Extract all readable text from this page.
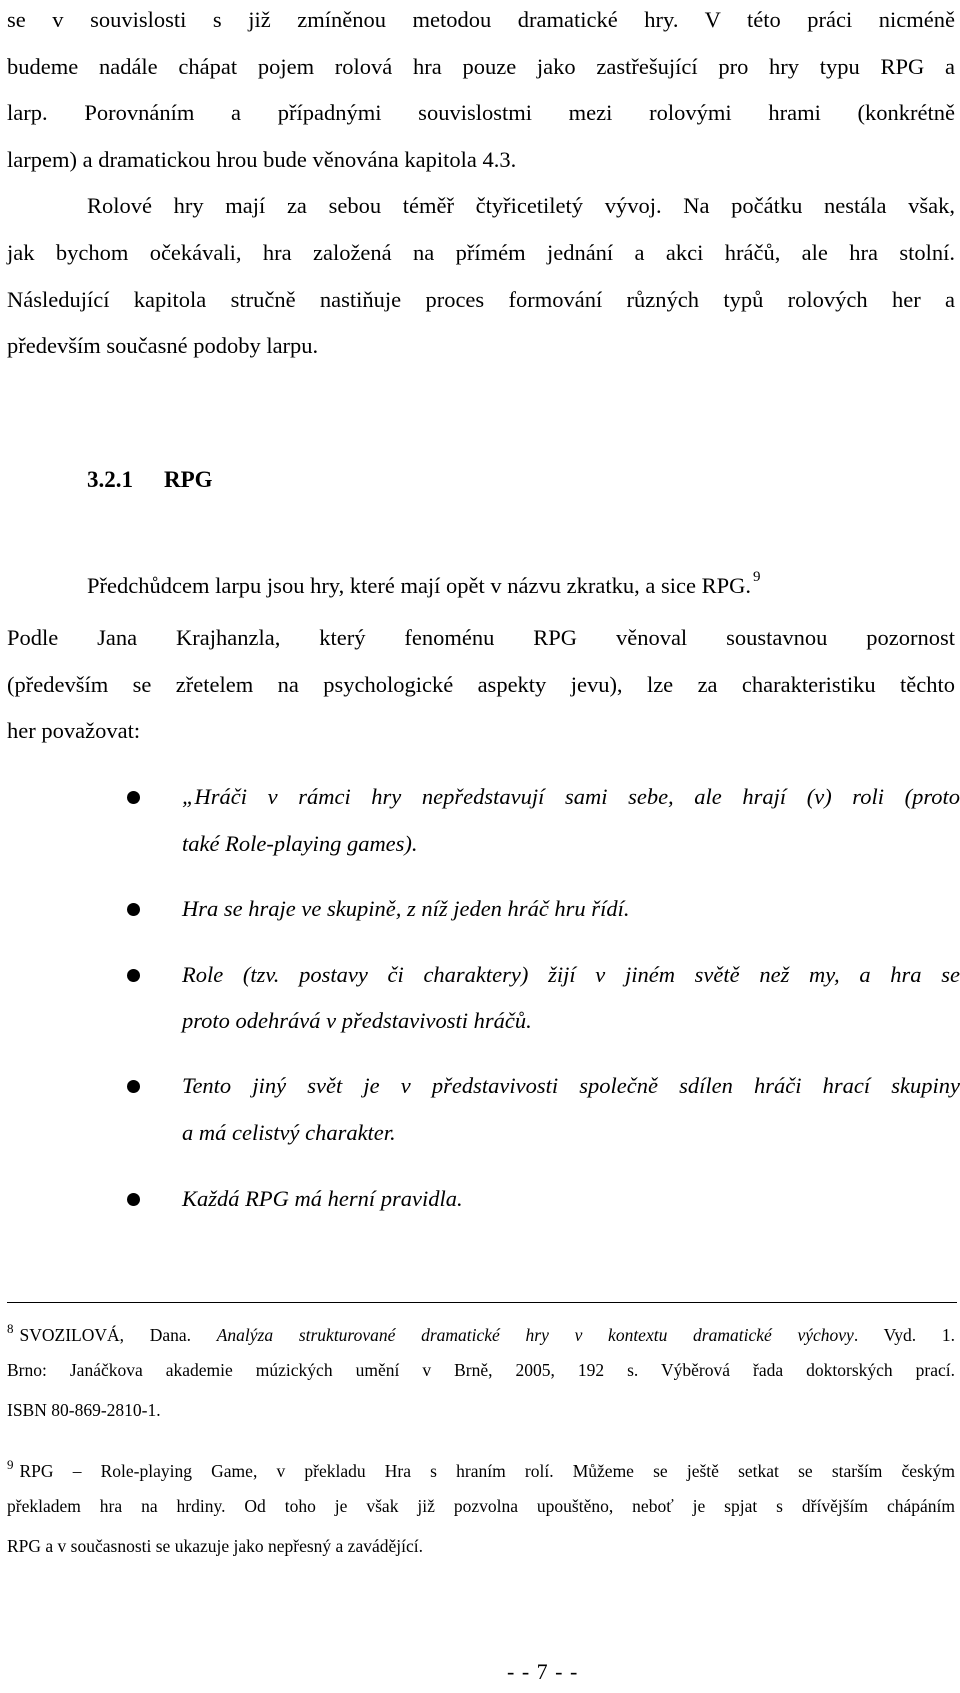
se v souvislosti s již zmíněnou metodou dramatické hry. V této práci nicméně
budeme nadále chápat pojem rolová hra pouze jako zastřešující pro hry typu RPG a
larp. Porovnáním a případnými souvislostmi mezi rolovými hrami (konkrétně
larpem) a dramatickou hrou bude věnována kapitola 4.3.
Rolové hry mají za sebou téměř čtyřicetiletý vývoj. Na počátku nestála však,
jak bychom očekávali, hra založená na přímém jednání a akci hráčů, ale hra stolní.
Následující kapitola stručně nastiňuje proces formování různých typů rolových her a
především současné podoby larpu.
3.2.1 RPG
Předchůdcem larpu jsou hry, které mají opět v názvu zkratku, a sice RPG. $^9$
Podle Jana Krajhanzla, který fenoménu RPG věnoval soustavnou pozornost
(především se zřetelem na psychologické aspekty jevu), lze za charakteristiku těchto
her považovat:
„Hráči v rámci hry nepředstavují sami sebe, ale hrají (v) roli (proto
také Role-playing games).
Hra se hraje ve skupině, z níž jeden hráč hru řídí.
Role (tzv. postavy či charaktery) žijí v jiném světě než my, a hra se
proto odehrává v představivosti hráčů.
Tento jiný svět je v představivosti společně sdílen hráči hrací skupiny
a má celistvý charakter.
Každá RPG má herní pravidla.
$^8$ SVOZILOVÁ, Dana. Analýza strukturované dramatické hry v kontextu dramatické výchovy. Vyd. 1.
Brno: Janáčkova akademie múzických umění v Brně, 2005, 192 s. Výběrová řada doktorských prací.
ISBN 80-869-2810-1.
$^9$ RPG – Role-playing Game, v překladu Hra s hraním rolí. Můžeme se ještě setkat se starším českým
překladem hra na hrdiny. Od toho je však již pozvolna upouštěno, neboť je spjat s dřívějším chápáním
RPG a v současnosti se ukazuje jako nepřesný a zavádějící.
- - 7 - -
